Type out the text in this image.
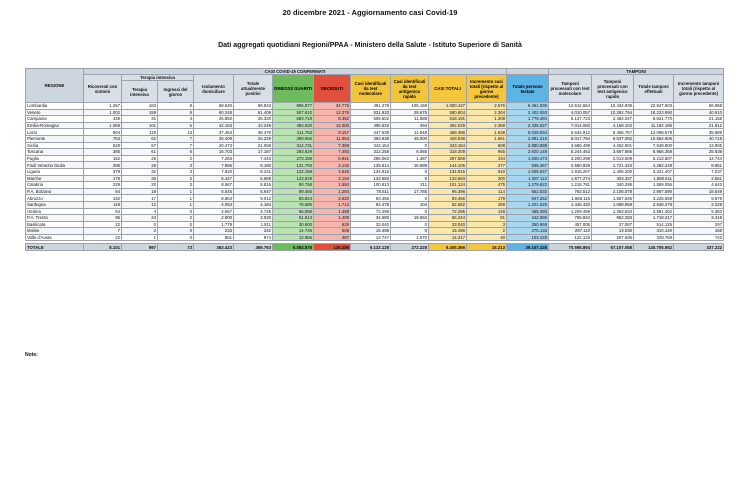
20 dicembre 2021 - Aggiornamento casi Covid-19
Dati aggregati quotidiani Regioni/PPAA - Ministero della Salute - Istituto Superiore di Sanità
REGIONE	CASI COVID-19 CONFERMATI												TAMPONI			
	Ricoverati con sintomi	Terapia intensiva		Isolamento domiciliare	Totale attualmente positivi	DIMESSI/ GUARITI	DECEDUTI	Casi identificati da test molecolare	Casi identificati da test antigenico rapido	CASI TOTALI	Incremento casi totali (rispetto al giorno precedente)	Totale persone testate	Tamponi processati con test molecolare	Tamponi processati con test antigenico rapido	Totale tamponi effettuati	Incremento tamponi totali (rispetto al giorno precedente)
		Terapia intensiva	Ingressi del giorno													
Lombardia	1.257	163	9	68.640	69.834	895.877	34.776	491.279	105.158	1.000.437	2.576	6.461.936	12.512.664	10.434.839	22.947.503	56.968
Veneto	1.002	159	9	60.248	61.409	507.610	12.376	531.933	28.675	580.804	2.304	2.402.093	4.010.057	10.292.794	18.223.890	40.910
Campania	439	31	4	25.850	26.320	683.719	8.352	506.602	11.588	518.191	1.308	1.779.484	6.137.723	2.484.047	8.621.770	21.158
Emilia-Romagna	1.069	101	6	42.153	43.249	494.030	14.000	495.533	494	492.029	2.369	2.335.627	7.014.083	4.168.103	11.182.186	21.912
Lazio	904	119	13	37.453	38.476	411.753	9.157	447.538	11.848	459.386	1.638	5.029.934	6.642.912	5.455.767	12.098.679	35.689
Piemonte	763	62	7	25.409	26.229	390.656	11.953	393.838	45.000	428.838	1.561	2.891.219	6.017.794	6.537.092	10.554.806	40.718
Sicilia	528	67	7	20.473	21.068	314.731	7.358	343.154	0	343.154	608	2.880.888	3.685.499	4.262.901	7.948.800	13.905
Toscana	385	61	6	16.703	17.187	293.629	7.493	312.258	6.065	318.309	955	3.920.149	5.244.463	3.667.886	8.956.358	25.839
Puglia	152	26	2	7.263	7.443	273.188	6.941	286.063	1.487	287.569	434	1.600.474	3.200.298	2.013.509	5.213.807	14.744
Friuli Venezia Giulia	295	29	3	7.856	8.180	131.793	4.132	125.514	16.589	144.105	277	938.367	2.560.825	1.721.423	4.282.248	8.851
Liguria	379	32	3	7.820	8.231	122.158	4.526	134.915	0	134.915	610	1.005.547	1.916.207	1.405.200	3.321.407	7.237
Marche	175	36	2	6.447	6.669	123.829	3.194	133.683	0	133.683	300	1.087.110	1.577.274	303.337	1.880.611	2.561
Calabria	229	20	3	8.567	8.816	90.758	1.550	100.813	311	101.124	475	1.279.822	1.218.781	340.295	1.559.056	4.643
P.A. Bolzano	84	18	1	5.545	5.647	89.465	1.284	78.611	17.785	96.396	114	552.532	762.512	2.105.078	2.867.590	18.549
Abruzzo	132	17	1	8.863	9.012	83.824	2.620	93.456	0	93.456	179	947.262	1.668.115	1.557.546	3.225.659	9.679
Sardegna	119	12	1	4.053	4.184	76.685	1.713	82.478	104	82.582	259	1.201.629	1.445.420	1.088.858	2.538.278	2.229
Umbria	54	4	0	4.667	4.725	66.069	1.498	72.295	0	72.295	128	468.393	1.209.469	1.363.633	2.581.402	5.363
P.A. Trento	96	24	2	2.900	3.020	51.813	1.409	34.680	19.563	56.244	81	442.086	765.934	952.283	1.718.217	3.418
Basilicata	22	0	0	1.779	1.811	30.600	629	33.040	0	33.040	3	250.968	457.005	27.087	514.126	297
Molise	7	2	0	233	242	14.746	508	15.496	0	15.496	2	276.133	297.110	13.030	310.140	168
Valle d'Aosta	22	1	0	851	874	12.956	487	12.747	1.570	14.317	40	103.429	122.133	207.636	329.769	723

TOTALE	8.101	997	73	363.423	369.763	5.084.878	135.286	5.133.128	272.228	5.405.366	16.213	39.157.438	70.598.894	67.107.058	140.705.952	337.222
Note:
